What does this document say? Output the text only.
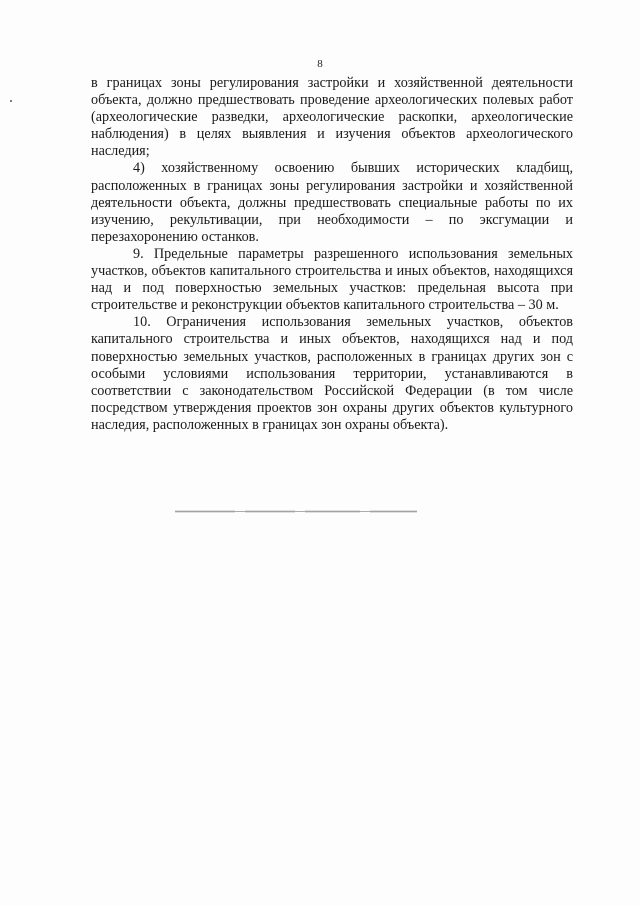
8

в границах зоны регулирования застройки и хозяйственной деятельности объекта, должно предшествовать проведение археологических полевых работ (археологические разведки, археологические раскопки, археологические наблюдения) в целях выявления и изучения объектов археологического наследия;

4) хозяйственному освоению бывших исторических кладбищ, расположенных в границах зоны регулирования застройки и хозяйственной деятельности объекта, должны предшествовать специальные работы по их изучению, рекультивации, при необходимости – по эксгумации и перезахоронению останков.

9. Предельные параметры разрешенного использования земельных участков, объектов капитального строительства и иных объектов, находящихся над и под поверхностью земельных участков: предельная высота при строительстве и реконструкции объектов капитального строительства – 30 м.

10. Ограничения использования земельных участков, объектов капитального строительства и иных объектов, находящихся над и под поверхностью земельных участков, расположенных в границах других зон с особыми условиями использования территории, устанавливаются в соответствии с законодательством Российской Федерации (в том числе посредством утверждения проектов зон охраны других объектов культурного наследия, расположенных в границах зон охраны объекта).
